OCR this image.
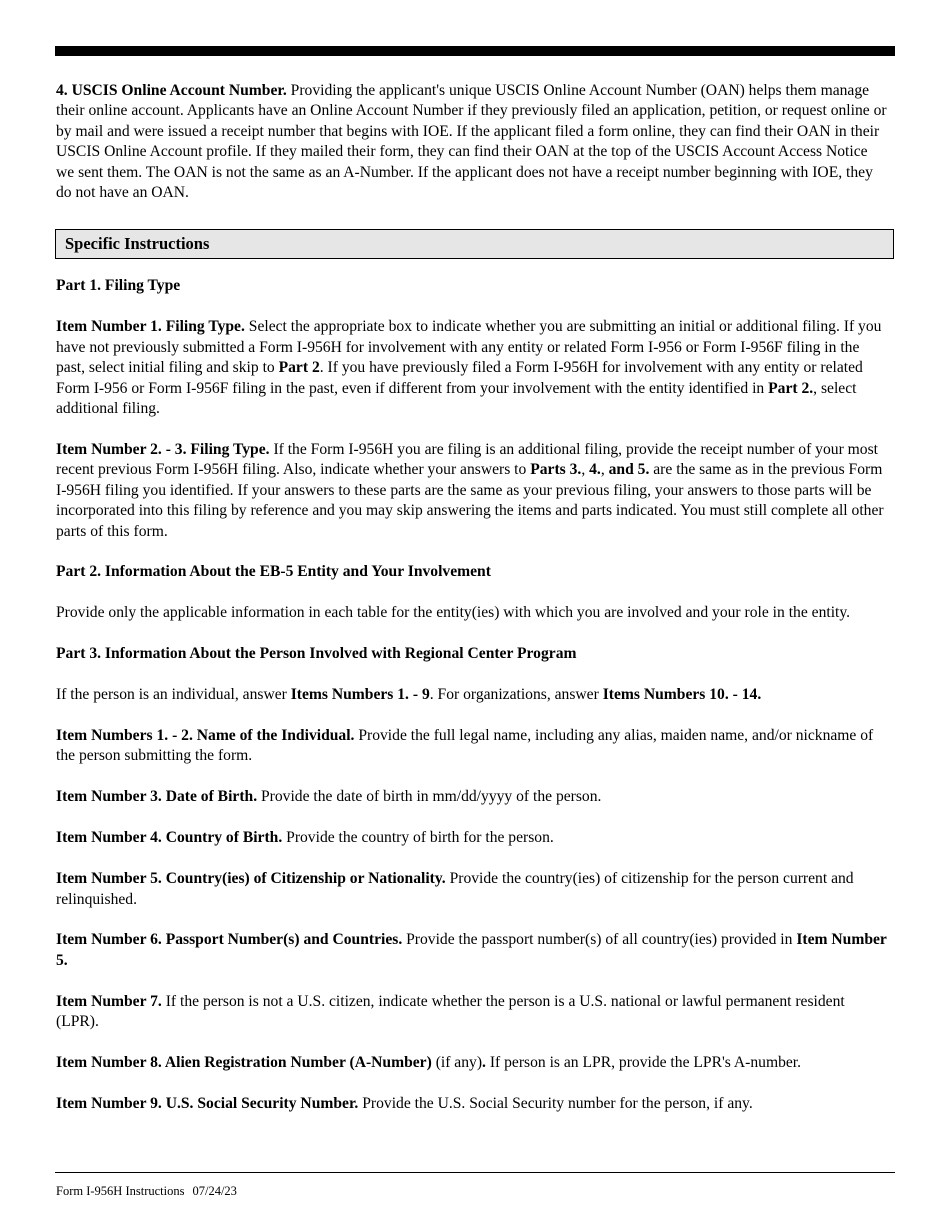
4. USCIS Online Account Number. Providing the applicant's unique USCIS Online Account Number (OAN) helps them manage their online account. Applicants have an Online Account Number if they previously filed an application, petition, or request online or by mail and were issued a receipt number that begins with IOE. If the applicant filed a form online, they can find their OAN in their USCIS Online Account profile. If they mailed their form, they can find their OAN at the top of the USCIS Account Access Notice we sent them. The OAN is not the same as an A-Number. If the applicant does not have a receipt number beginning with IOE, they do not have an OAN.

Specific Instructions

Part 1. Filing Type

Item Number 1. Filing Type. Select the appropriate box to indicate whether you are submitting an initial or additional filing. If you have not previously submitted a Form I-956H for involvement with any entity or related Form I-956 or Form I-956F filing in the past, select initial filing and skip to Part 2. If you have previously filed a Form I-956H for involvement with any entity or related Form I-956 or Form I-956F filing in the past, even if different from your involvement with the entity identified in Part 2., select additional filing.

Item Number 2. - 3. Filing Type. If the Form I-956H you are filing is an additional filing, provide the receipt number of your most recent previous Form I-956H filing. Also, indicate whether your answers to Parts 3., 4., and 5. are the same as in the previous Form I-956H filing you identified. If your answers to these parts are the same as your previous filing, your answers to those parts will be incorporated into this filing by reference and you may skip answering the items and parts indicated. You must still complete all other parts of this form.

Part 2. Information About the EB-5 Entity and Your Involvement

Provide only the applicable information in each table for the entity(ies) with which you are involved and your role in the entity.

Part 3. Information About the Person Involved with Regional Center Program

If the person is an individual, answer Items Numbers 1. - 9. For organizations, answer Items Numbers 10. - 14.

Item Numbers 1. - 2. Name of the Individual. Provide the full legal name, including any alias, maiden name, and/or nickname of the person submitting the form.

Item Number 3. Date of Birth. Provide the date of birth in mm/dd/yyyy of the person.

Item Number 4. Country of Birth. Provide the country of birth for the person.

Item Number 5. Country(ies) of Citizenship or Nationality. Provide the country(ies) of citizenship for the person current and relinquished.

Item Number 6. Passport Number(s) and Countries. Provide the passport number(s) of all country(ies) provided in Item Number 5.

Item Number 7. If the person is not a U.S. citizen, indicate whether the person is a U.S. national or lawful permanent resident (LPR).

Item Number 8. Alien Registration Number (A-Number) (if any). If person is an LPR, provide the LPR's A-number.

Item Number 9. U.S. Social Security Number. Provide the U.S. Social Security number for the person, if any.

Form I-956H Instructions 07/24/23
